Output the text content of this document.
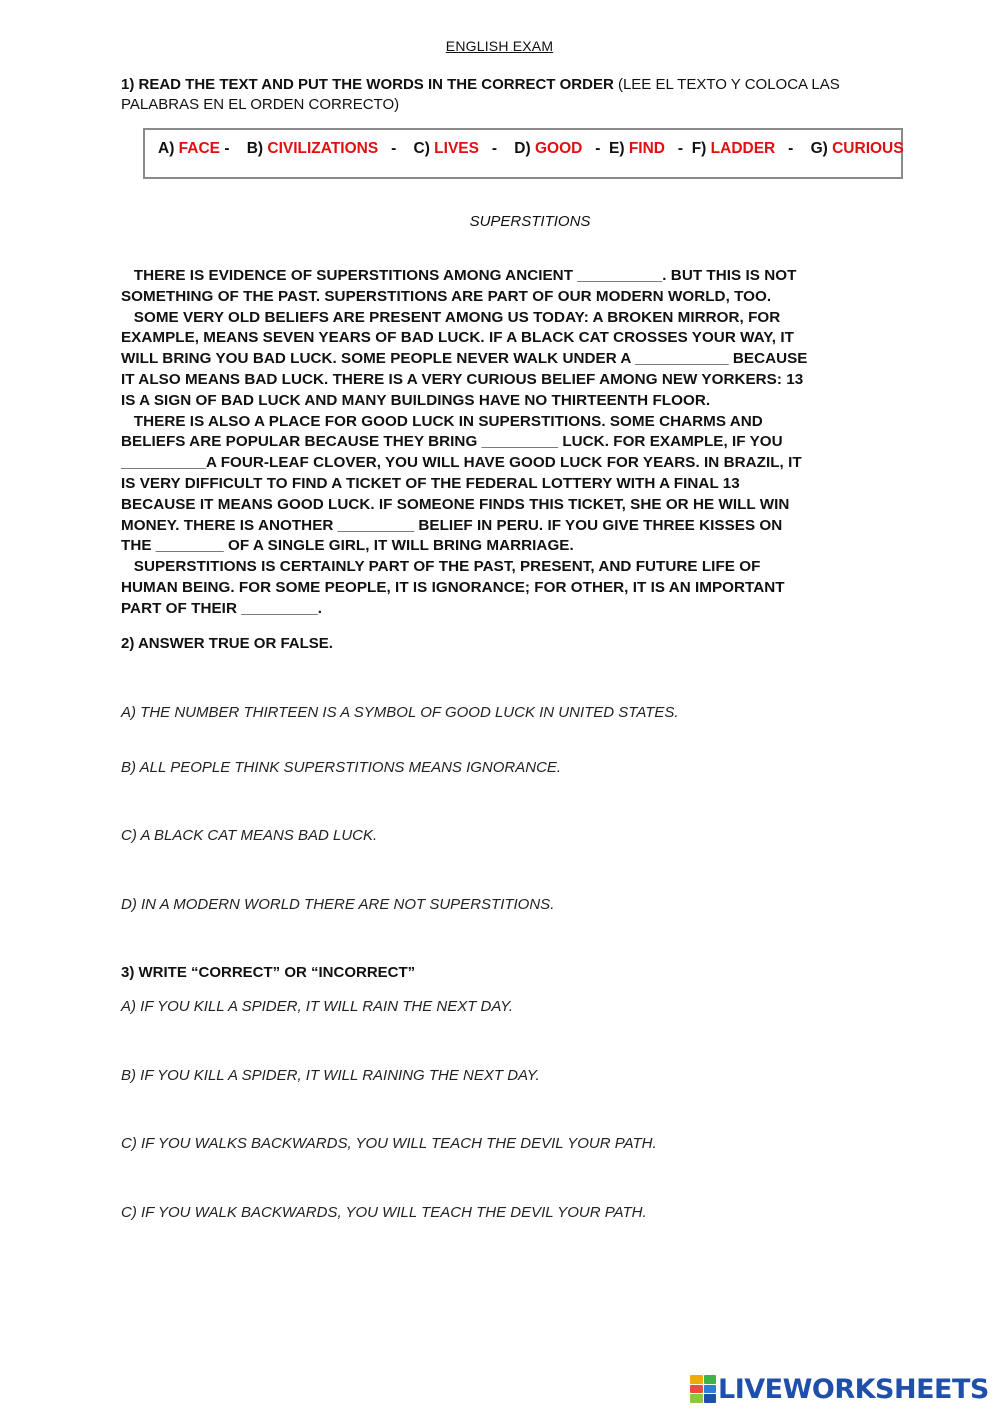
ENGLISH EXAM
1) READ THE TEXT AND PUT THE WORDS IN THE CORRECT ORDER (LEE EL TEXTO Y COLOCA LAS PALABRAS EN EL ORDEN CORRECTO)
A) FACE -    B) CIVILIZATIONS   -    C) LIVES   -    D) GOOD   -  E) FIND   -  F) LADDER   -    G) CURIOUS
SUPERSTITIONS
THERE IS EVIDENCE OF SUPERSTITIONS AMONG ANCIENT __________. BUT THIS IS NOT
SOMETHING OF THE PAST. SUPERSTITIONS ARE PART OF OUR MODERN WORLD, TOO.
SOME VERY OLD BELIEFS ARE PRESENT AMONG US TODAY: A BROKEN MIRROR, FOR
EXAMPLE, MEANS SEVEN YEARS OF BAD LUCK. IF A BLACK CAT CROSSES YOUR WAY, IT
WILL BRING YOU BAD LUCK. SOME PEOPLE NEVER WALK UNDER A ___________ BECAUSE
IT ALSO MEANS BAD LUCK. THERE IS A VERY CURIOUS BELIEF AMONG NEW YORKERS: 13
IS A SIGN OF BAD LUCK AND MANY BUILDINGS HAVE NO THIRTEENTH FLOOR.
THERE IS ALSO A PLACE FOR GOOD LUCK IN SUPERSTITIONS. SOME CHARMS AND
BELIEFS ARE POPULAR BECAUSE THEY BRING _________ LUCK. FOR EXAMPLE, IF YOU
__________A FOUR-LEAF CLOVER, YOU WILL HAVE GOOD LUCK FOR YEARS. IN BRAZIL, IT
IS VERY DIFFICULT TO FIND A TICKET OF THE FEDERAL LOTTERY WITH A FINAL 13
BECAUSE IT MEANS GOOD LUCK. IF SOMEONE FINDS THIS TICKET, SHE OR HE WILL WIN
MONEY. THERE IS ANOTHER _________ BELIEF IN PERU. IF YOU GIVE THREE KISSES ON
THE ________ OF A SINGLE GIRL, IT WILL BRING MARRIAGE.
SUPERSTITIONS IS CERTAINLY PART OF THE PAST, PRESENT, AND FUTURE LIFE OF
HUMAN BEING. FOR SOME PEOPLE, IT IS IGNORANCE; FOR OTHER, IT IS AN IMPORTANT
PART OF THEIR _________.
2) ANSWER TRUE OR FALSE.
A) THE NUMBER THIRTEEN IS A SYMBOL OF GOOD LUCK IN UNITED STATES.
B) ALL PEOPLE THINK SUPERSTITIONS MEANS IGNORANCE.
C) A BLACK CAT MEANS BAD LUCK.
D) IN A MODERN WORLD THERE ARE NOT SUPERSTITIONS.
3) WRITE “CORRECT” OR “INCORRECT”
A) IF YOU KILL A SPIDER, IT WILL RAIN THE NEXT DAY.
B) IF YOU KILL A SPIDER, IT WILL RAINING THE NEXT DAY.
C) IF YOU WALKS BACKWARDS, YOU WILL TEACH THE DEVIL YOUR PATH.
C) IF YOU WALK BACKWARDS, YOU WILL TEACH THE DEVIL YOUR PATH.
LIVEWORKSHEETS
